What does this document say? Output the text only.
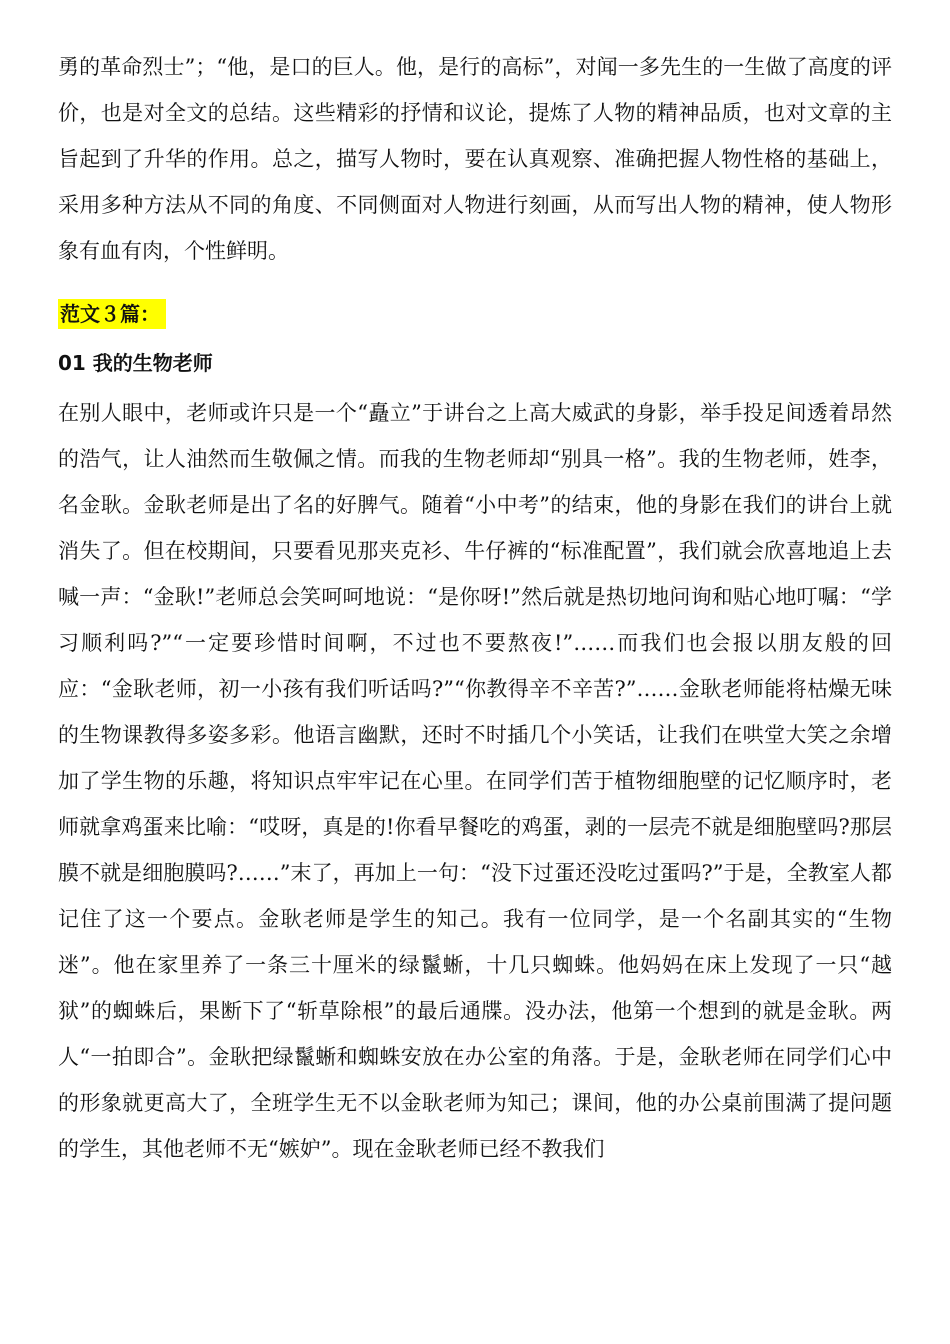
勇的革命烈士”；“他，是口的巨人。他，是行的高标”，对闻一多先生的一生做了高度的评价，也是对全文的总结。这些精彩的抒情和议论，提炼了人物的精神品质，也对文章的主旨起到了升华的作用。总之，描写人物时，要在认真观察、准确把握人物性格的基础上，采用多种方法从不同的角度、不同侧面对人物进行刻画，从而写出人物的精神，使人物形象有血有肉，个性鲜明。

范文３篇：
01 我的生物老师

在别人眼中，老师或许只是一个“矗立”于讲台之上高大威武的身影，举手投足间透着昂然的浩气，让人油然而生敬佩之情。而我的生物老师却“别具一格”。我的生物老师，姓李，名金耿。金耿老师是出了名的好脾气。随着“小中考”的结束，他的身影在我们的讲台上就消失了。但在校期间，只要看见那夹克衫、牛仔裤的“标准配置”，我们就会欣喜地追上去喊一声：“金耿!”老师总会笑呵呵地说：“是你呀!”然后就是热切地问询和贴心地叮嘱：“学习顺利吗?”“一定要珍惜时间啊，不过也不要熬夜!”……而我们也会报以朋友般的回应：“金耿老师，初一小孩有我们听话吗?”“你教得辛不辛苦?”……金耿老师能将枯燥无味的生物课教得多姿多彩。他语言幽默，还时不时插几个小笑话，让我们在哄堂大笑之余增加了学生物的乐趣，将知识点牢牢记在心里。在同学们苦于植物细胞壁的记忆顺序时，老师就拿鸡蛋来比喻：“哎呀，真是的!你看早餐吃的鸡蛋，剥的一层壳不就是细胞壁吗?那层膜不就是细胞膜吗?……”末了，再加上一句：“没下过蛋还没吃过蛋吗?”于是，全教室人都记住了这一个要点。金耿老师是学生的知己。我有一位同学，是一个名副其实的“生物迷”。他在家里养了一条三十厘米的绿鬣蜥，十几只蜘蛛。他妈妈在床上发现了一只“越狱”的蜘蛛后，果断下了“斩草除根”的最后通牒。没办法，他第一个想到的就是金耿。两人“一拍即合”。金耿把绿鬣蜥和蜘蛛安放在办公室的角落。于是，金耿老师在同学们心中的形象就更高大了，全班学生无不以金耿老师为知己；课间，他的办公桌前围满了提问题的学生，其他老师不无“嫉妒”。现在金耿老师已经不教我们
